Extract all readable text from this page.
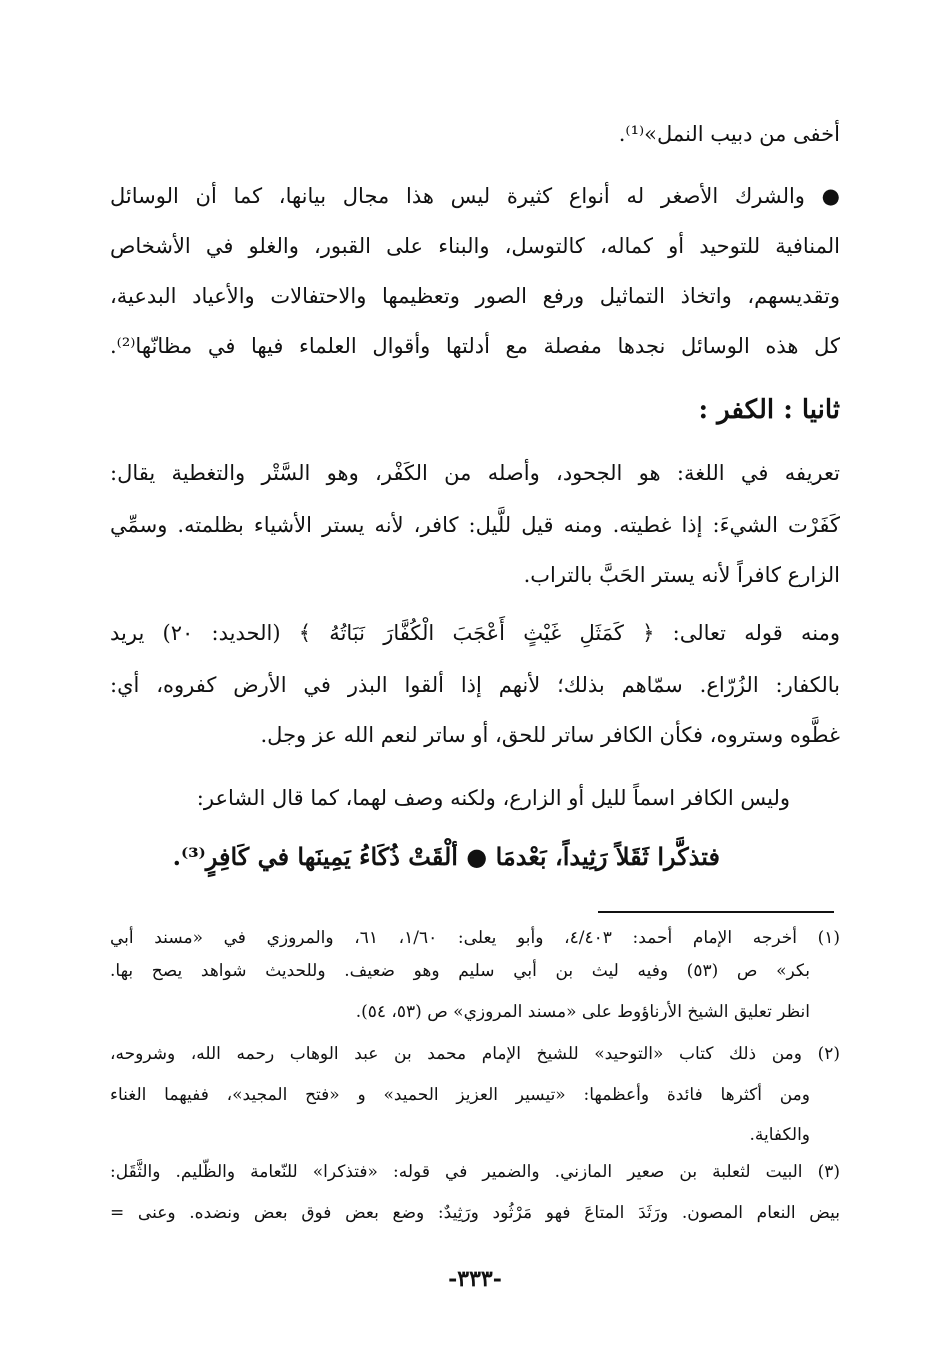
أخفى من دبيب النمل»⁽¹⁾.
● والشرك الأصغر له أنواع كثيرة ليس هذا مجال بيانها، كما أن الوسائل
المنافية للتوحيد أو كماله، كالتوسل، والبناء على القبور، والغلو في الأشخاص
وتقديسهم، واتخاذ التماثيل ورفع الصور وتعظيمها والاحتفالات والأعياد البدعية،
كل هذه الوسائل نجدها مفصلة مع أدلتها وأقوال العلماء فيها في مظانّها⁽²⁾.
ثانيا : الكفر :
تعريفه في اللغة: هو الجحود، وأصله من الكَفْر، وهو السَّتْر والتغطية يقال:
كَفَرْت الشيءَ: إذا غطيته. ومنه قيل للَّيل: كافر، لأنه يستر الأشياء بظلمته. وسمِّي
الزارع كافراً لأنه يستر الحَبَّ بالتراب.
ومنه قوله تعالى: ﴿ كَمَثَلِ غَيْثٍ أَعْجَبَ الْكُفَّارَ نَبَاتُهُ ﴾ (الحديد: ٢٠) يريد
بالكفار: الزُرّاع. سمّاهم بذلك؛ لأنهم إذا ألقوا البذر في الأرض كفروه، أي:
غطَّوه وستروه، فكأن الكافر ساتر للحق، أو ساتر لنعم الله عز وجل.
وليس الكافر اسماً لليل أو الزارع، ولكنه وصف لهما، كما قال الشاعر:
فتذكَّرا ثَقَلاً رَثِيداً، بَعْدمَا ● ألْقَتْ ذُكَاءُ يَمِينَها في كَافِرٍ⁽³⁾.
(١) أخرجه الإمام أحمد: ٤/٤٠٣، وأبو يعلى: ١/٦٠، ٦١، والمروزي في «مسند أبي
بكر» ص (٥٣) وفيه ليث بن أبي سليم وهو ضعيف. وللحديث شواهد يصح بها.
انظر تعليق الشيخ الأرناؤوط على «مسند المروزي» ص (٥٣، ٥٤).
(٢) ومن ذلك كتاب «التوحيد» للشيخ الإمام محمد بن عبد الوهاب رحمه الله، وشروحه،
ومن أكثرها فائدة وأعظمها: «تيسير العزيز الحميد» و «فتح المجيد»، ففيهما الغناء
والكفاية.
(٣) البيت لثعلبة بن صعير المازني. والضمير في قوله: «فتذكرا» للنّعامة والظّليم. والثَّقَل:
بيض النعام المصون. ورَثَدَ المتاعَ فهو مَرْثُود ورَثِيدٌ: وضع بعض فوق بعض ونضده. وعنى =
-٣٣٣-
